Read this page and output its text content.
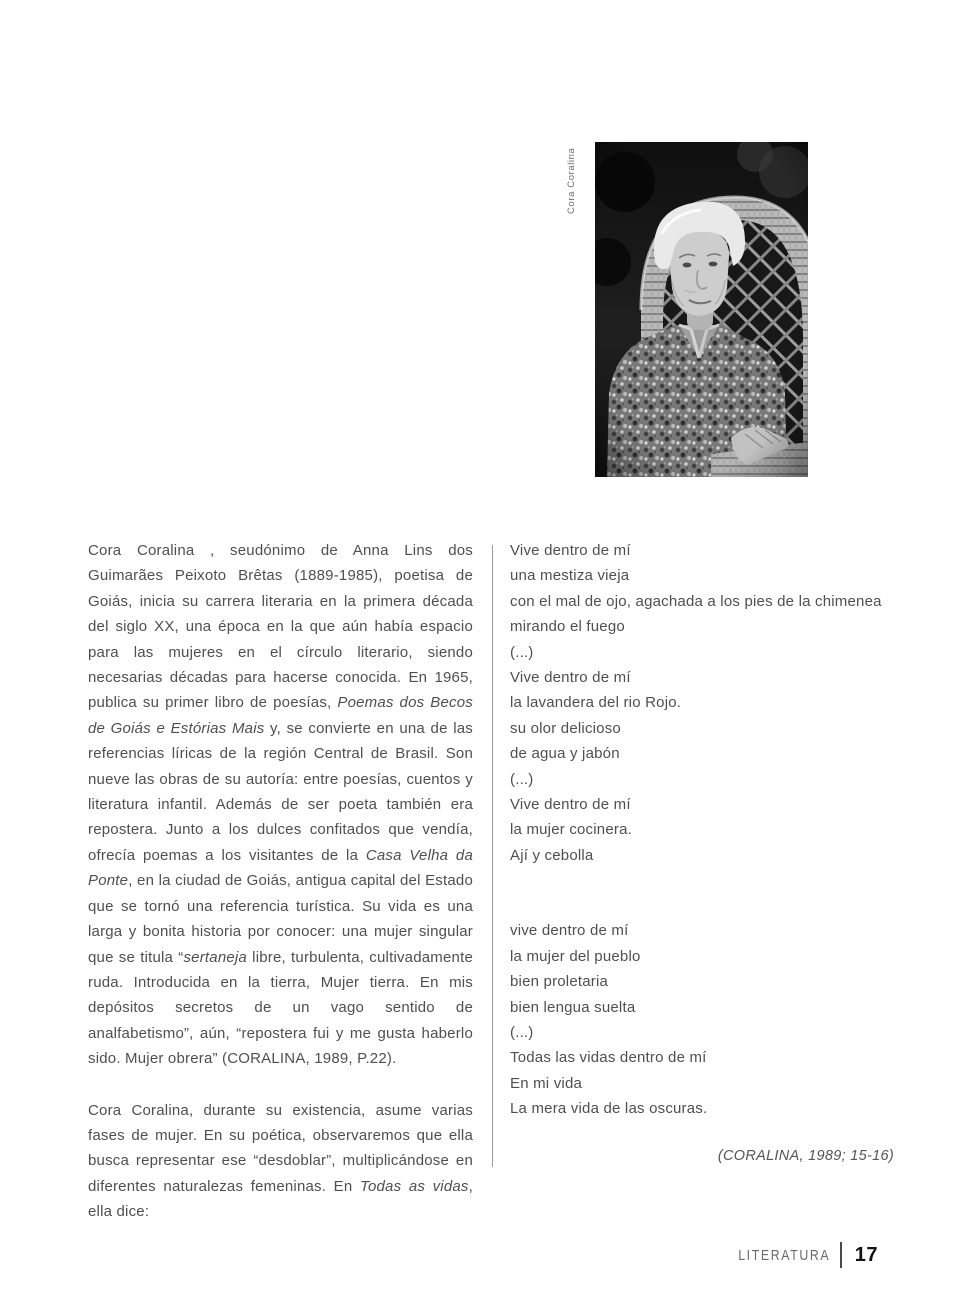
Cora Coralina

Cora Coralina , seudónimo de Anna Lins dos Guimarães Peixoto Brêtas (1889-1985), poetisa de Goiás, inicia su carrera literaria en la primera década del siglo XX, una época en la que aún había espacio para las mujeres en el círculo literario, siendo necesarias décadas para hacerse conocida. En 1965, publica su primer libro de poesías, Poemas dos Becos de Goiás e Estórias Mais y, se convierte en una de las referencias líricas de la región Central de Brasil. Son nueve las obras de su autoría: entre poesías, cuentos y literatura infantil. Además de ser poeta también era repostera. Junto a los dulces confitados que vendía, ofrecía poemas a los visitantes de la Casa Velha da Ponte, en la ciudad de Goiás, antigua capital del Estado que se tornó una referencia turística. Su vida es una larga y bonita historia por conocer: una mujer singular que se titula “sertaneja libre, turbulenta, cultivadamente ruda. Introducida en la tierra, Mujer tierra. En mis depósitos secretos de un vago sentido de analfabetismo”, aún, “repostera fui y me gusta haberlo sido. Mujer obrera” (CORALINA, 1989, P.22).

Cora Coralina, durante su existencia, asume varias fases de mujer. En su poética, observaremos que ella busca representar ese “desdoblar”, multiplicándose en diferentes naturalezas femeninas. En Todas as vidas, ella dice:

Vive dentro de mí
una mestiza vieja
con el mal de ojo, agachada a los pies de la chimenea
mirando el fuego
(...)
Vive dentro de mí
la lavandera del rio Rojo.
su olor delicioso
de agua y jabón
(...)
Vive dentro de mí
la mujer cocinera.
Ají y cebolla
vive dentro de mí
la mujer del pueblo
bien proletaria
bien lengua suelta
(...)
Todas las vidas dentro de mí
En mi vida
La mera vida de las oscuras.
(CORALINA, 1989; 15-16)
LITERATURA 17
